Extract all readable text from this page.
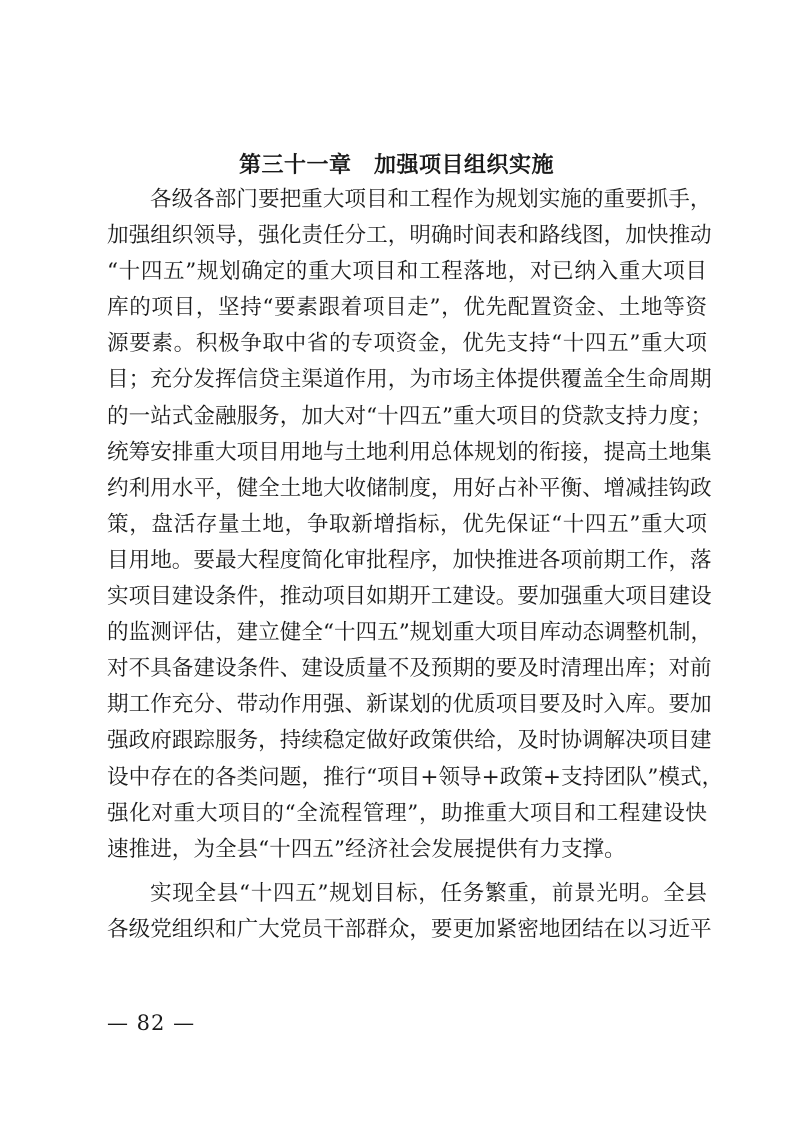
第三十一章　加强项目组织实施
各级各部门要把重大项目和工程作为规划实施的重要抓手，
加强组织领导，强化责任分工，明确时间表和路线图，加快推动
“十四五”规划确定的重大项目和工程落地，对已纳入重大项目
库的项目，坚持“要素跟着项目走”，优先配置资金、土地等资
源要素。积极争取中省的专项资金，优先支持“十四五”重大项
目；充分发挥信贷主渠道作用，为市场主体提供覆盖全生命周期
的一站式金融服务，加大对“十四五”重大项目的贷款支持力度；
统筹安排重大项目用地与土地利用总体规划的衔接，提高土地集
约利用水平，健全土地大收储制度，用好占补平衡、增减挂钩政
策，盘活存量土地，争取新增指标，优先保证“十四五”重大项
目用地。要最大程度简化审批程序，加快推进各项前期工作，落
实项目建设条件，推动项目如期开工建设。要加强重大项目建设
的监测评估，建立健全“十四五”规划重大项目库动态调整机制，
对不具备建设条件、建设质量不及预期的要及时清理出库；对前
期工作充分、带动作用强、新谋划的优质项目要及时入库。要加
强政府跟踪服务，持续稳定做好政策供给，及时协调解决项目建
设中存在的各类问题，推行“项目+领导+政策+支持团队”模式，
强化对重大项目的“全流程管理”，助推重大项目和工程建设快
速推进，为全县“十四五”经济社会发展提供有力支撑。
实现全县“十四五”规划目标，任务繁重，前景光明。全县
各级党组织和广大党员干部群众，要更加紧密地团结在以习近平
— 82 —
